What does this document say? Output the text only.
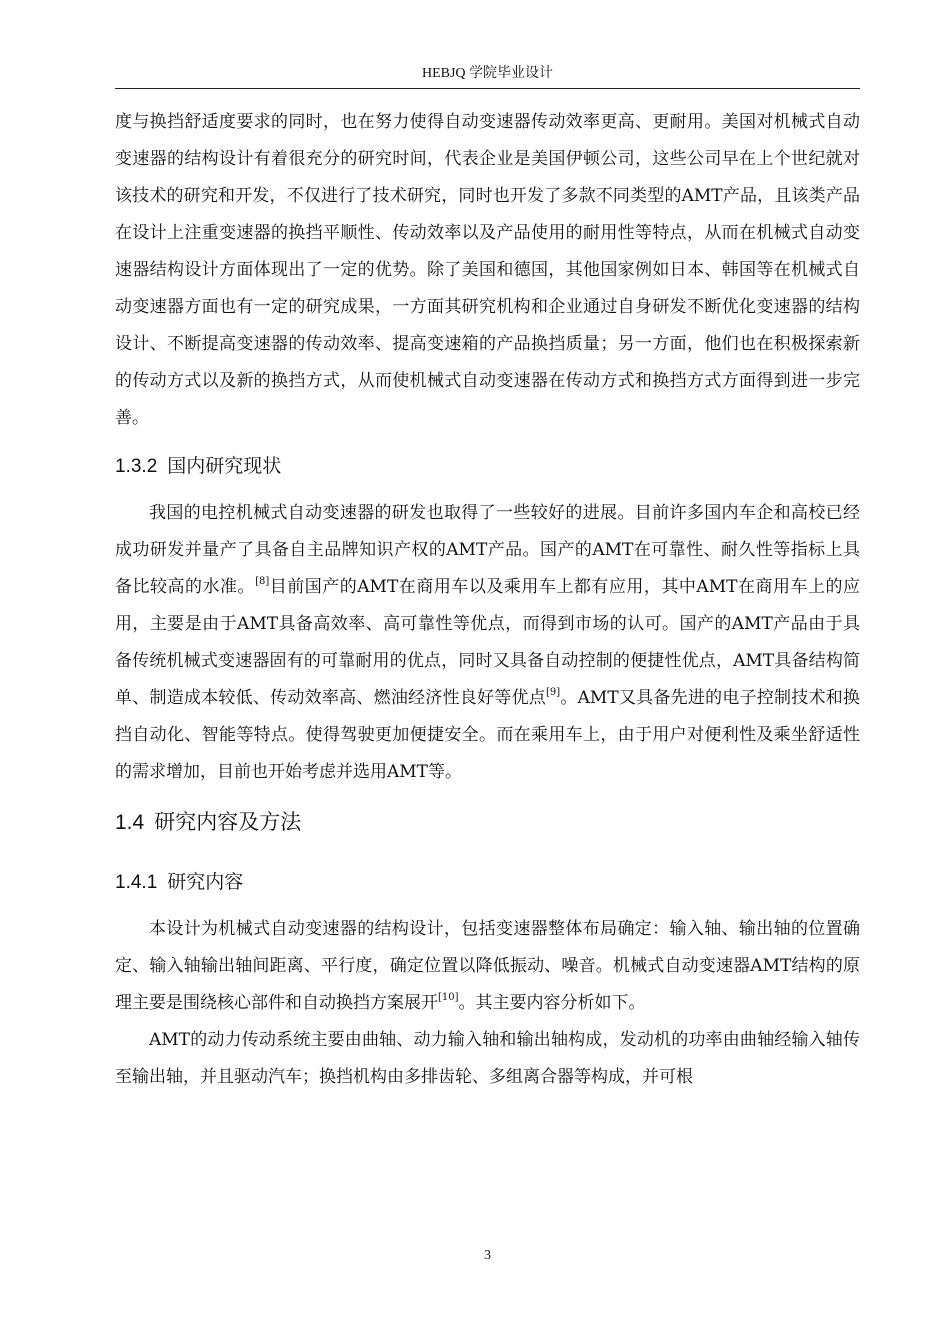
HEBJQ 学院毕业设计

度与换挡舒适度要求的同时，也在努力使得自动变速器传动效率更高、更耐用。美国对机械式自动变速器的结构设计有着很充分的研究时间，代表企业是美国伊顿公司，这些公司早在上个世纪就对该技术的研究和开发，不仅进行了技术研究，同时也开发了多款不同类型的AMT产品，且该类产品在设计上注重变速器的换挡平顺性、传动效率以及产品使用的耐用性等特点，从而在机械式自动变速器结构设计方面体现出了一定的优势。除了美国和德国，其他国家例如日本、韩国等在机械式自动变速器方面也有一定的研究成果，一方面其研究机构和企业通过自身研发不断优化变速器的结构设计、不断提高变速器的传动效率、提高变速箱的产品换挡质量；另一方面，他们也在积极探索新的传动方式以及新的换挡方式，从而使机械式自动变速器在传动方式和换挡方式方面得到进一步完善。

1.3.2 国内研究现状

我国的电控机械式自动变速器的研发也取得了一些较好的进展。目前许多国内车企和高校已经成功研发并量产了具备自主品牌知识产权的AMT产品。国产的AMT在可靠性、耐久性等指标上具备比较高的水准。[8]目前国产的AMT在商用车以及乘用车上都有应用，其中AMT在商用车上的应用，主要是由于AMT具备高效率、高可靠性等优点，而得到市场的认可。国产的AMT产品由于具备传统机械式变速器固有的可靠耐用的优点，同时又具备自动控制的便捷性优点，AMT具备结构简单、制造成本较低、传动效率高、燃油经济性良好等优点[9]。AMT又具备先进的电子控制技术和换挡自动化、智能等特点。使得驾驶更加便捷安全。而在乘用车上，由于用户对便利性及乘坐舒适性的需求增加，目前也开始考虑并选用AMT等。

1.4 研究内容及方法
1.4.1 研究内容

本设计为机械式自动变速器的结构设计，包括变速器整体布局确定：输入轴、输出轴的位置确定、输入轴输出轴间距离、平行度，确定位置以降低振动、噪音。机械式自动变速器AMT结构的原理主要是围绕核心部件和自动换挡方案展开[10]。其主要内容分析如下。

AMT的动力传动系统主要由曲轴、动力输入轴和输出轴构成，发动机的功率由曲轴经输入轴传至输出轴，并且驱动汽车；换挡机构由多排齿轮、多组离合器等构成，并可根

3
